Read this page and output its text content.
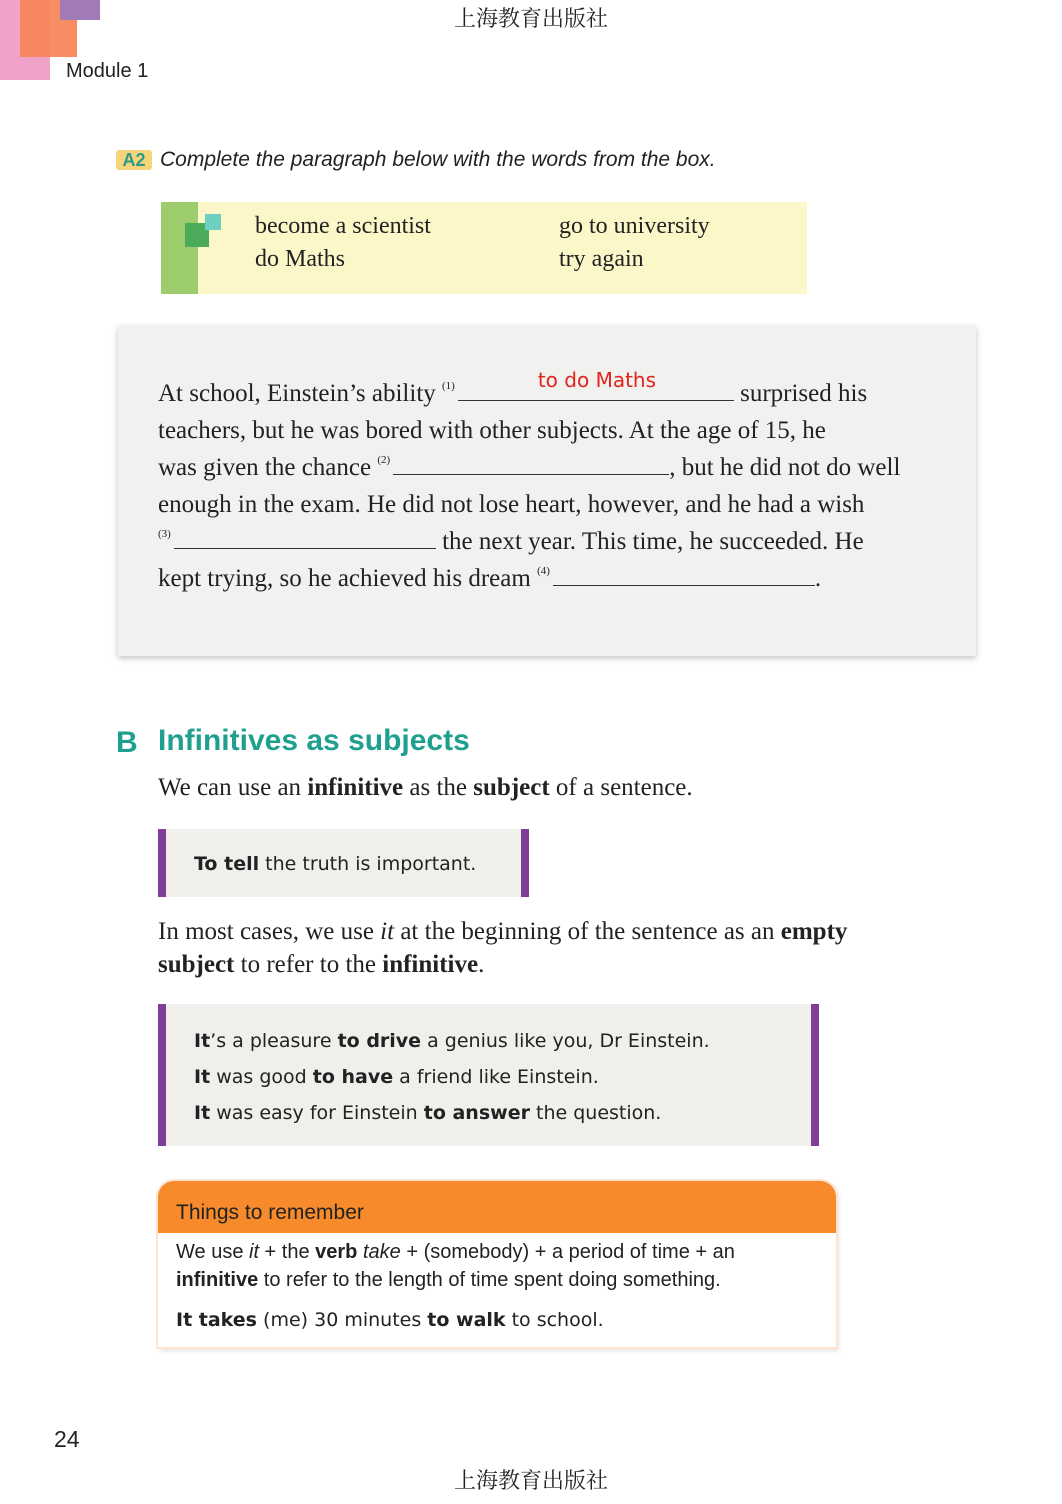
上海教育出版社
Module 1
A2 Complete the paragraph below with the words from the box.
become a scientist	go to university
do Maths	try again
At school, Einstein’s ability $^{(1)}$	to do Maths	surprised his
teachers, but he was bored with other subjects. At the age of 15, he
was given the chance $^{(2)}$	, but he did not do well
enough in the exam. He did not lose heart, however, and he had a wish
$^{(3)}$	the next year. This time, he succeeded. He
kept trying, so he achieved his dream $^{(4)}$	.
B Infinitives as subjects
We can use an infinitive as the subject of a sentence.
To tell the truth is important.
In most cases, we use it at the beginning of the sentence as an empty
subject to refer to the infinitive.
It’s a pleasure to drive a genius like you, Dr Einstein.
It was good to have a friend like Einstein.
It was easy for Einstein to answer the question.
Things to remember
We use it + the verb take + (somebody) + a period of time + an
infinitive to refer to the length of time spent doing something.
It takes (me) 30 minutes to walk to school.
24
上海教育出版社
